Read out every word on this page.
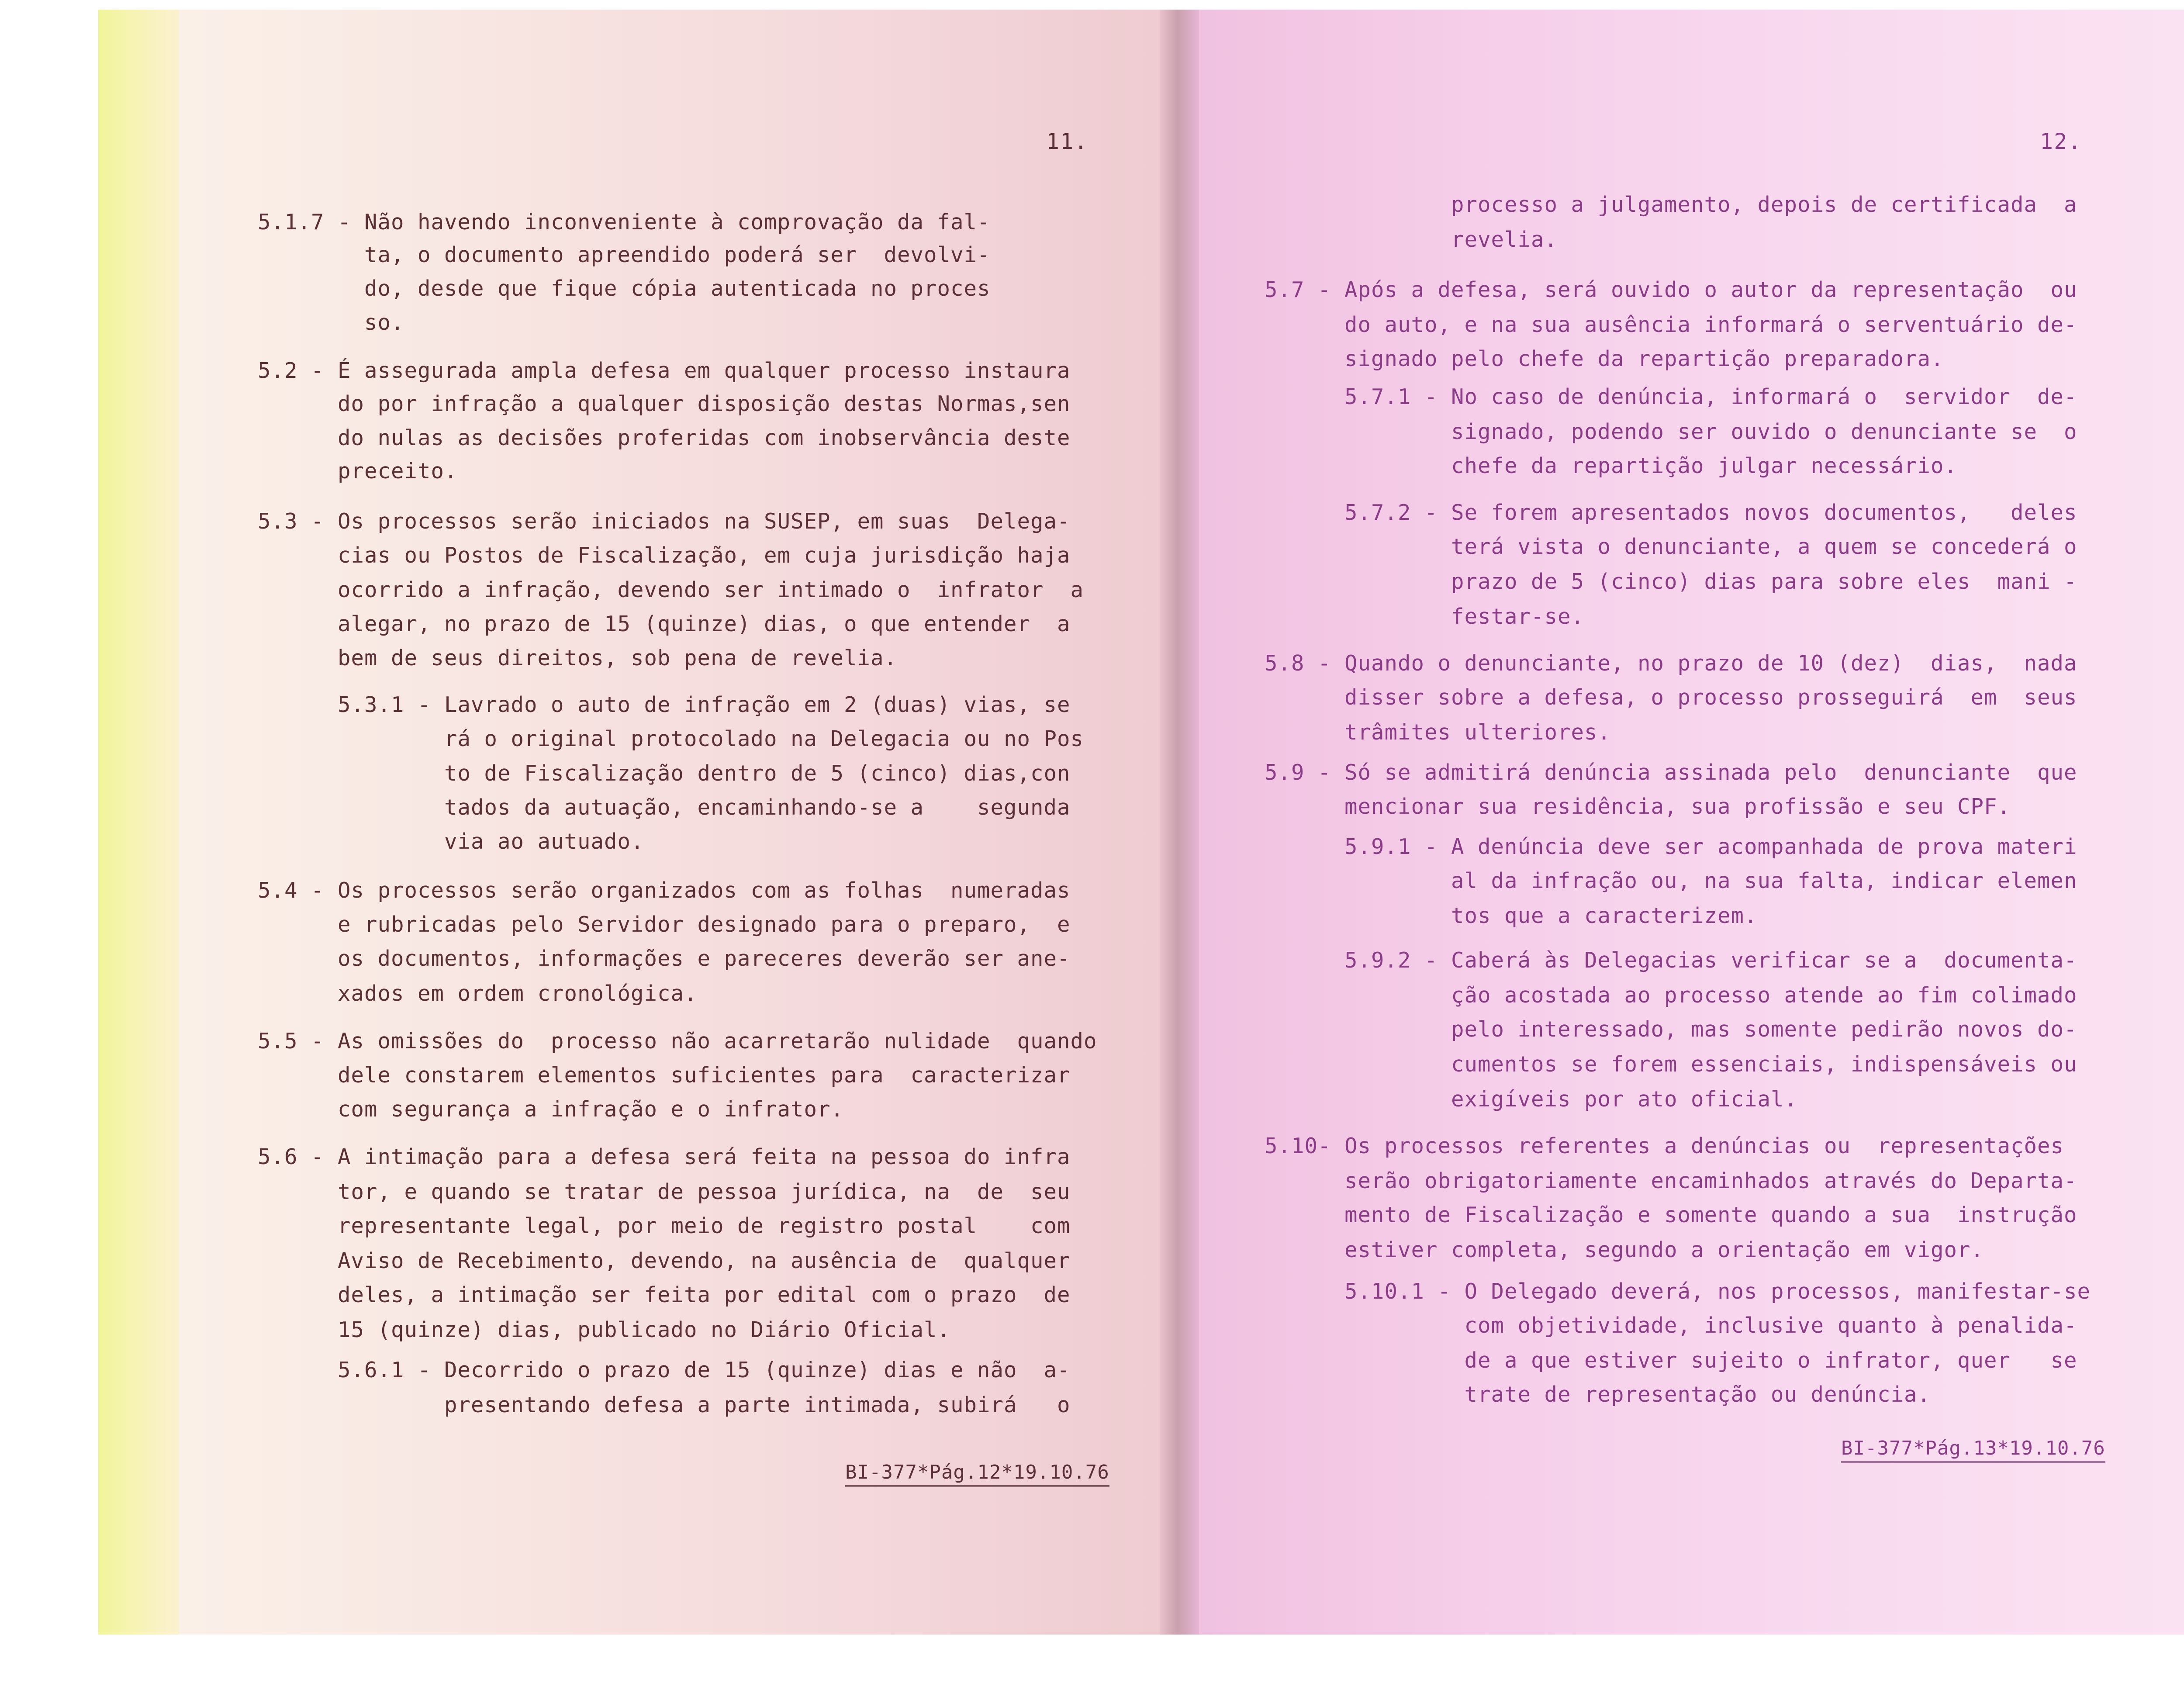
11.	12.
5.1.7 - Não havendo inconveniente à comprovação da fal-
ta, o documento apreendido poderá ser  devolvi-
do, desde que fique cópia autenticada no proces
so.
5.2 - É assegurada ampla defesa em qualquer processo instaura
do por infração a qualquer disposição destas Normas,sen
do nulas as decisões proferidas com inobservância deste
preceito.
5.3 - Os processos serão iniciados na SUSEP, em suas  Delega-
cias ou Postos de Fiscalização, em cuja jurisdição haja
ocorrido a infração, devendo ser intimado o  infrator  a
alegar, no prazo de 15 (quinze) dias, o que entender  a
bem de seus direitos, sob pena de revelia.
5.3.1 - Lavrado o auto de infração em 2 (duas) vias, se
rá o original protocolado na Delegacia ou no Pos
to de Fiscalização dentro de 5 (cinco) dias,con
tados da autuação, encaminhando-se a    segunda
via ao autuado.
5.4 - Os processos serão organizados com as folhas  numeradas
e rubricadas pelo Servidor designado para o preparo,  e
os documentos, informações e pareceres deverão ser ane-
xados em ordem cronológica.
5.5 - As omissões do  processo não acarretarão nulidade  quando
dele constarem elementos suficientes para  caracterizar
com segurança a infração e o infrator.
5.6 - A intimação para a defesa será feita na pessoa do infra
tor, e quando se tratar de pessoa jurídica, na  de  seu
representante legal, por meio de registro postal    com
Aviso de Recebimento, devendo, na ausência de  qualquer
deles, a intimação ser feita por edital com o prazo  de
15 (quinze) dias, publicado no Diário Oficial.
5.6.1 - Decorrido o prazo de 15 (quinze) dias e não  a-
presentando defesa a parte intimada, subirá   o
processo a julgamento, depois de certificada  a
revelia.
5.7 - Após a defesa, será ouvido o autor da representação  ou
do auto, e na sua ausência informará o serventuário de-
signado pelo chefe da repartição preparadora.
5.7.1 - No caso de denúncia, informará o  servidor  de-
signado, podendo ser ouvido o denunciante se  o
chefe da repartição julgar necessário.
5.7.2 - Se forem apresentados novos documentos,   deles
terá vista o denunciante, a quem se concederá o
prazo de 5 (cinco) dias para sobre eles  mani -
festar-se.
5.8 - Quando o denunciante, no prazo de 10 (dez)  dias,  nada
disser sobre a defesa, o processo prosseguirá  em  seus
trâmites ulteriores.
5.9 - Só se admitirá denúncia assinada pelo  denunciante  que
mencionar sua residência, sua profissão e seu CPF.
5.9.1 - A denúncia deve ser acompanhada de prova materi
al da infração ou, na sua falta, indicar elemen
tos que a caracterizem.
5.9.2 - Caberá às Delegacias verificar se a  documenta-
ção acostada ao processo atende ao fim colimado
pelo interessado, mas somente pedirão novos do-
cumentos se forem essenciais, indispensáveis ou
exigíveis por ato oficial.
5.10- Os processos referentes a denúncias ou  representações
serão obrigatoriamente encaminhados através do Departa-
mento de Fiscalização e somente quando a sua  instrução
estiver completa, segundo a orientação em vigor.
5.10.1 - O Delegado deverá, nos processos, manifestar-se
com objetividade, inclusive quanto à penalida-
de a que estiver sujeito o infrator, quer   se
trate de representação ou denúncia.
BI-377*Pág.12*19.10.76
BI-377*Pág.13*19.10.76
